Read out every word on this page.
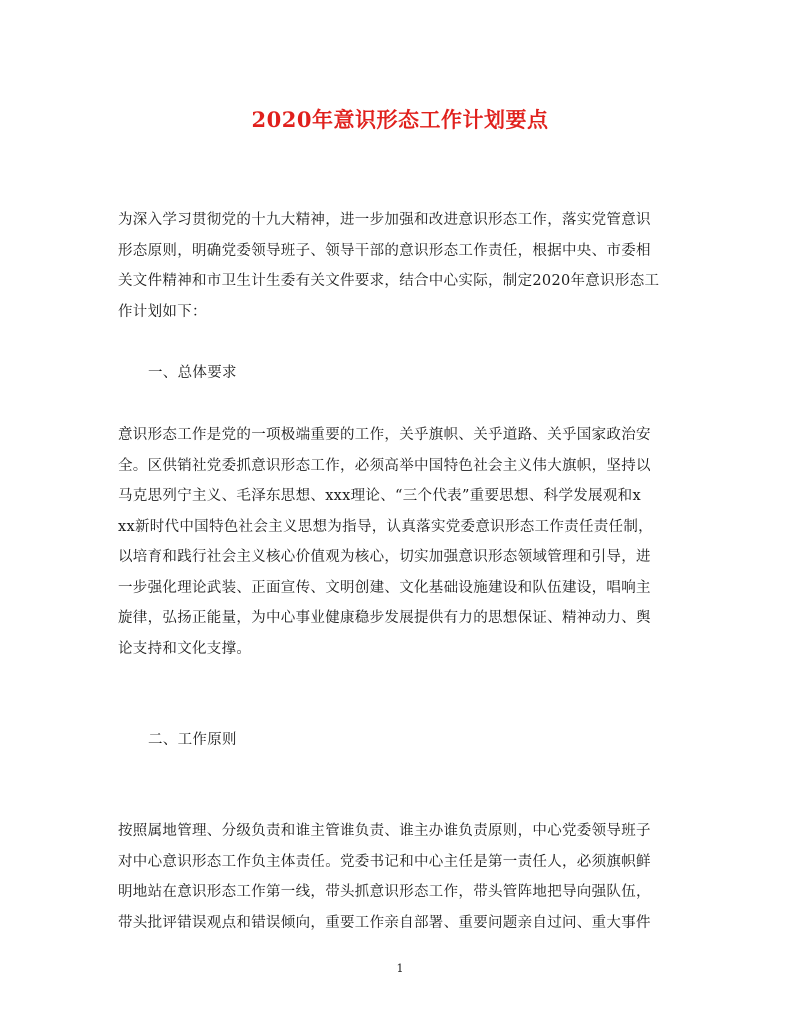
2020年意识形态工作计划要点
为深入学习贯彻党的十九大精神，进一步加强和改进意识形态工作，落实党管意识
形态原则，明确党委领导班子、领导干部的意识形态工作责任，根据中央、市委相
关文件精神和市卫生计生委有关文件要求，结合中心实际，制定2020年意识形态工
作计划如下：
一、总体要求
意识形态工作是党的一项极端重要的工作，关乎旗帜、关乎道路、关乎国家政治安
全。区供销社党委抓意识形态工作，必须高举中国特色社会主义伟大旗帜，坚持以
马克思列宁主义、毛泽东思想、xxx理论、“三个代表”重要思想、科学发展观和x
xx新时代中国特色社会主义思想为指导，认真落实党委意识形态工作责任责任制，
以培育和践行社会主义核心价值观为核心，切实加强意识形态领域管理和引导，进
一步强化理论武装、正面宣传、文明创建、文化基础设施建设和队伍建设，唱响主
旋律，弘扬正能量，为中心事业健康稳步发展提供有力的思想保证、精神动力、舆
论支持和文化支撑。
二、工作原则
按照属地管理、分级负责和谁主管谁负责、谁主办谁负责原则，中心党委领导班子
对中心意识形态工作负主体责任。党委书记和中心主任是第一责任人，必须旗帜鲜
明地站在意识形态工作第一线，带头抓意识形态工作，带头管阵地把导向强队伍，
带头批评错误观点和错误倾向，重要工作亲自部署、重要问题亲自过问、重大事件
1
